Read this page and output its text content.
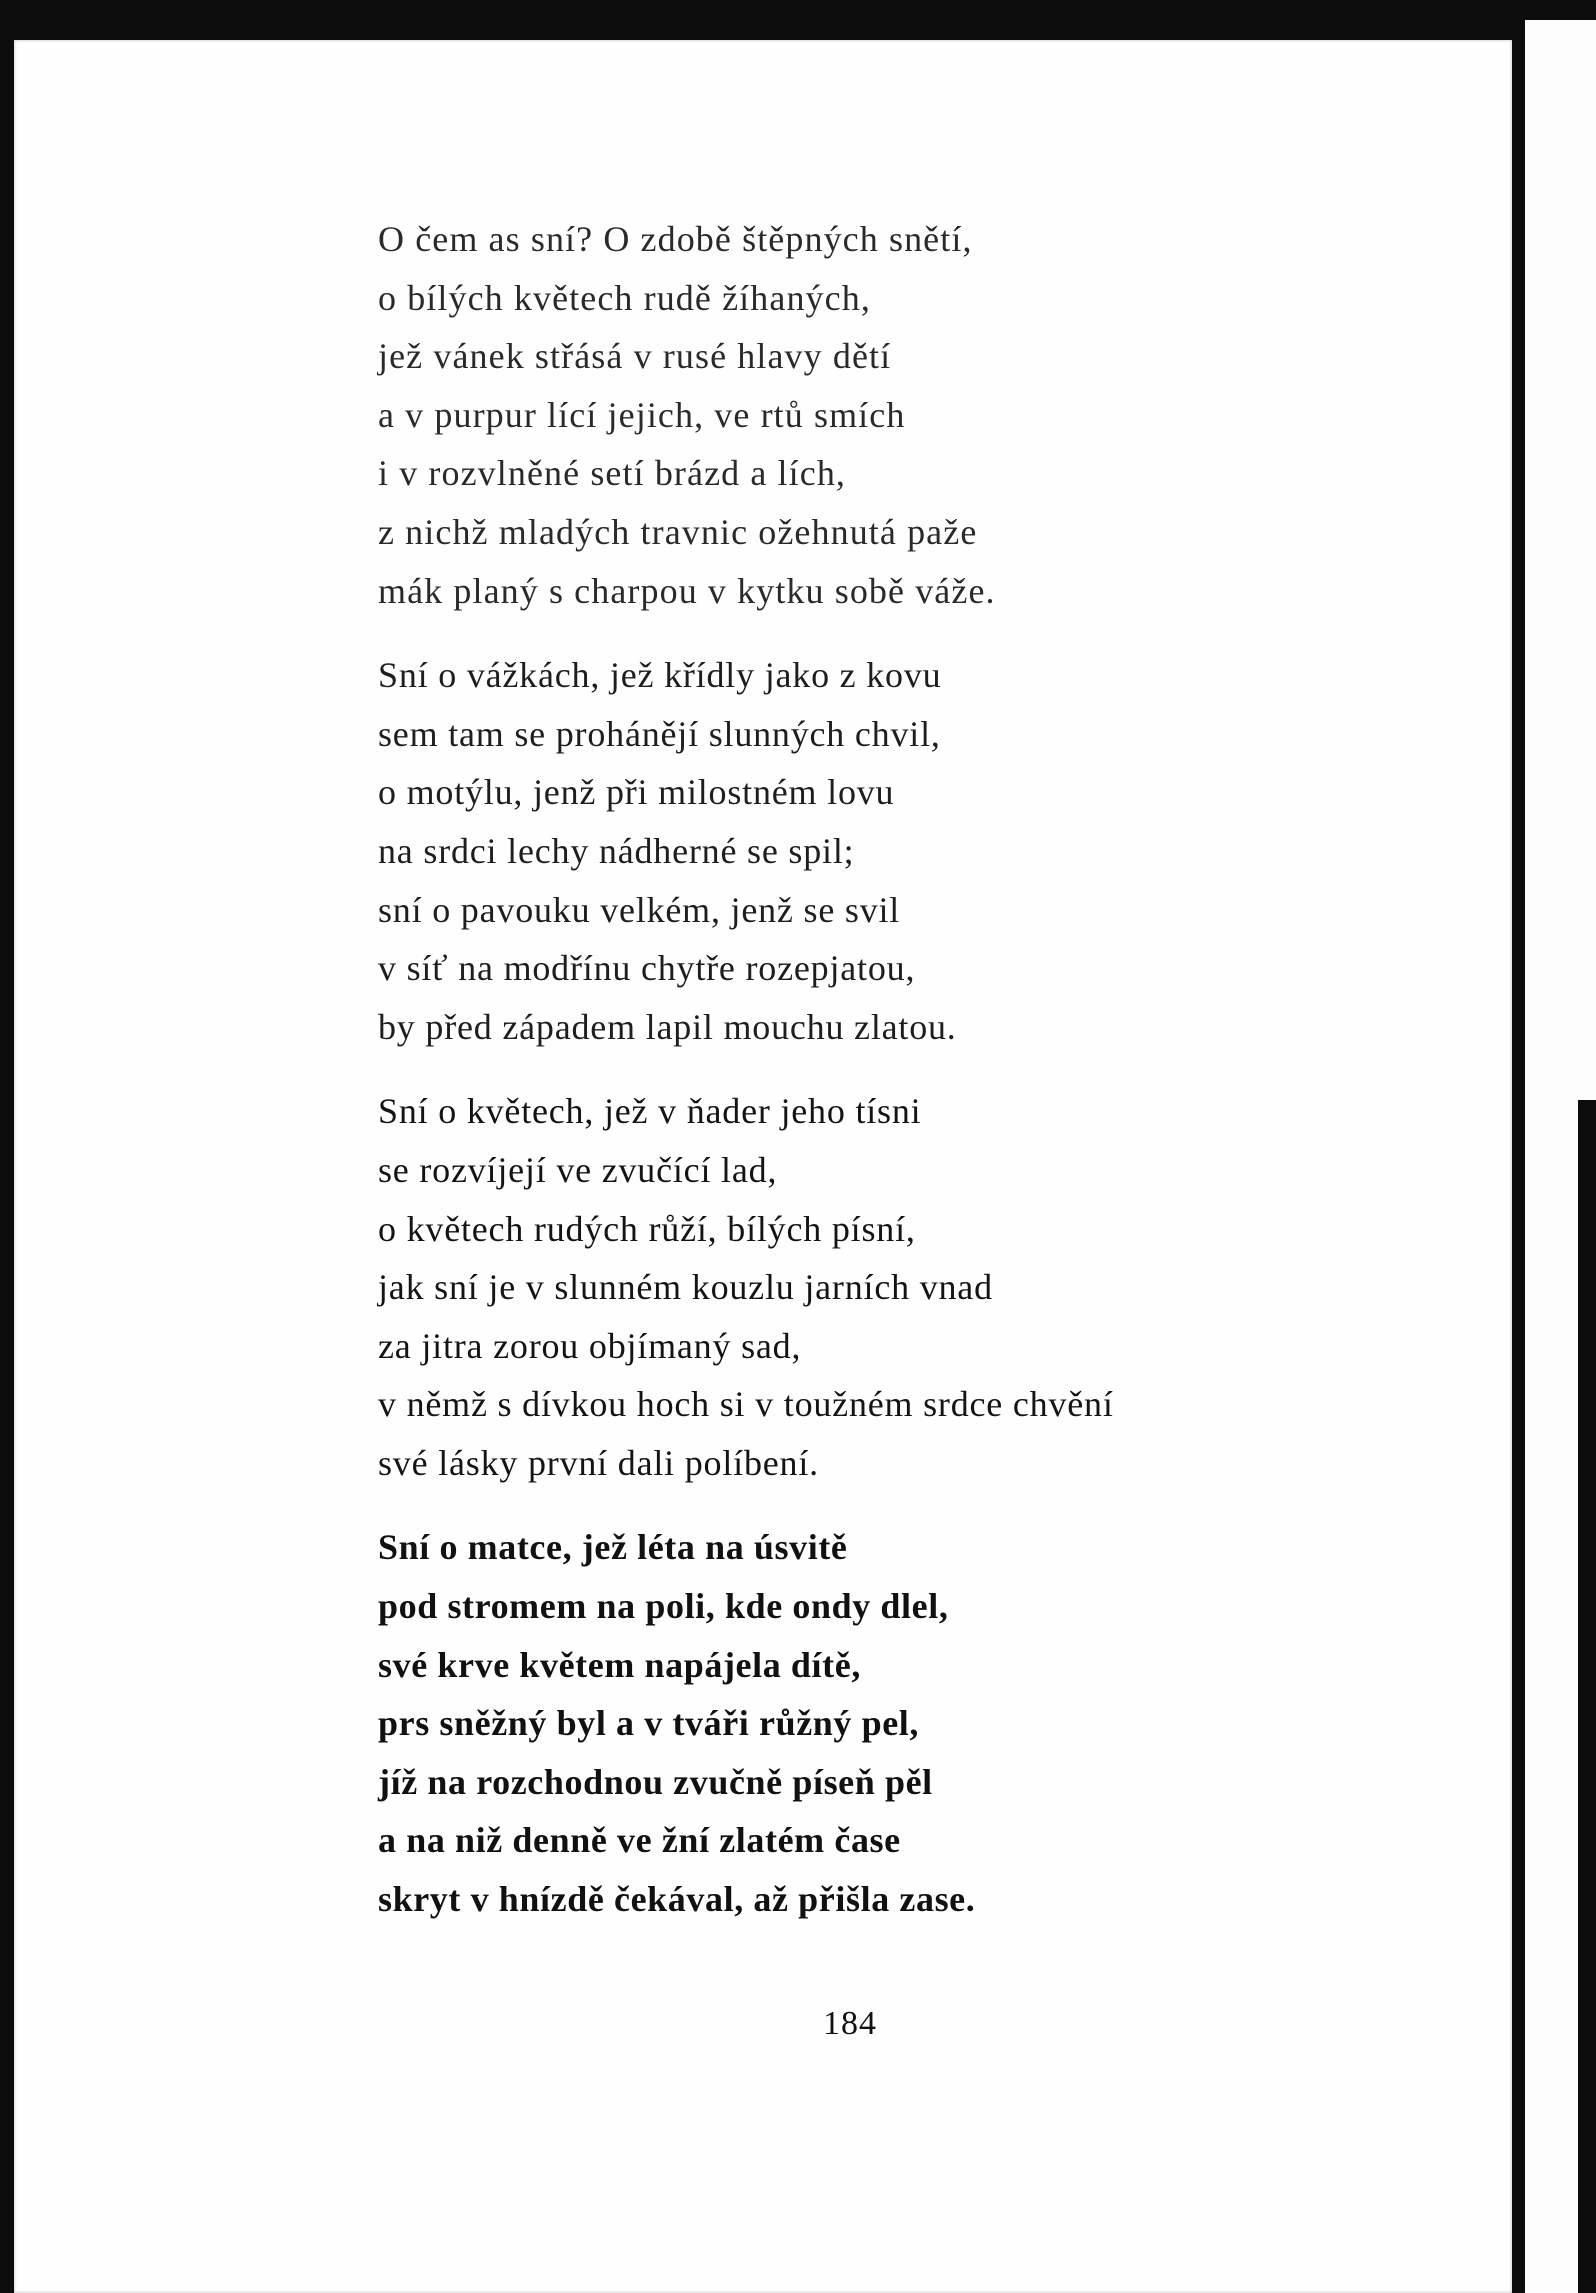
O čem as sní? O zdobě štěpných snětí,
o bílých květech rudě žíhaných,
jež vánek střásá v rusé hlavy dětí
a v purpur lící jejich, ve rtů smích
i v rozvlněné setí brázd a lích,
z nichž mladých travnic ožehnutá paže
mák planý s charpou v kytku sobě váže.
Sní o vážkách, jež křídly jako z kovu
sem tam se prohánějí slunných chvil,
o motýlu, jenž při milostném lovu
na srdci lechy nádherné se spil;
sní o pavouku velkém, jenž se svil
v síť na modřínu chytře rozepjatou,
by před západem lapil mouchu zlatou.
Sní o květech, jež v ňader jeho tísni
se rozvíjejí ve zvučící lad,
o květech rudých růží, bílých písní,
jak sní je v slunném kouzlu jarních vnad
za jitra zorou objímaný sad,
v němž s dívkou hoch si v toužném srdce chvění
své lásky první dali políbení.
Sní o matce, jež léta na úsvitě
pod stromem na poli, kde ondy dlel,
své krve květem napájela dítě,
prs sněžný byl a v tváři růžný pel,
jíž na rozchodnou zvučně píseň pěl
a na niž denně ve žní zlatém čase
skryt v hnízdě čekával, až přišla zase.
184
